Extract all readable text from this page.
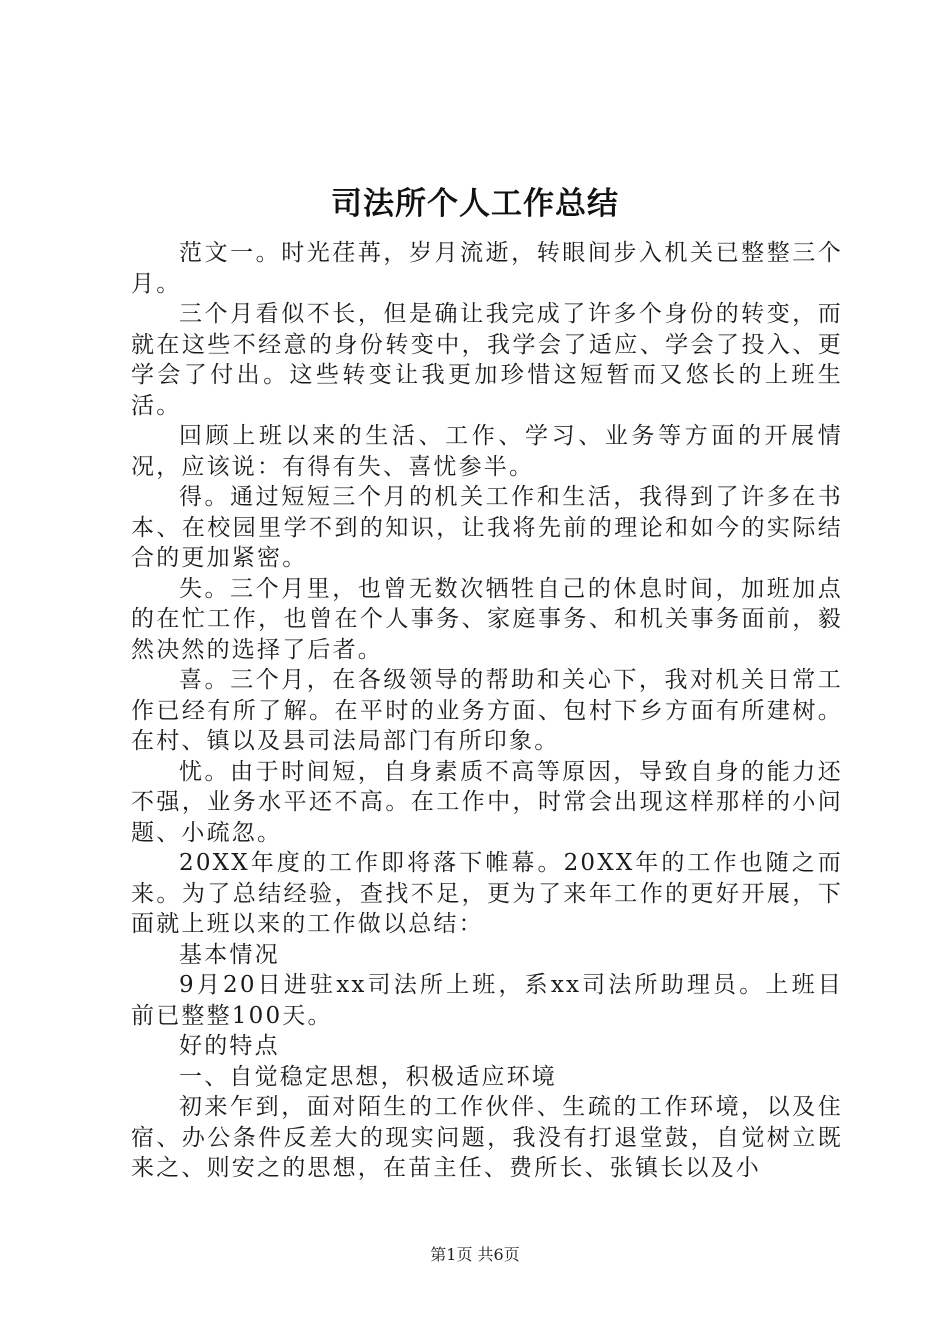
司法所个人工作总结

范文一。时光荏苒，岁月流逝，转眼间步入机关已整整三个月。

三个月看似不长，但是确让我完成了许多个身份的转变，而就在这些不经意的身份转变中，我学会了适应、学会了投入、更学会了付出。这些转变让我更加珍惜这短暂而又悠长的上班生活。

回顾上班以来的生活、工作、学习、业务等方面的开展情况，应该说：有得有失、喜忧参半。

得。通过短短三个月的机关工作和生活，我得到了许多在书本、在校园里学不到的知识，让我将先前的理论和如今的实际结合的更加紧密。

失。三个月里，也曾无数次牺牲自己的休息时间，加班加点的在忙工作，也曾在个人事务、家庭事务、和机关事务面前，毅然决然的选择了后者。

喜。三个月，在各级领导的帮助和关心下，我对机关日常工作已经有所了解。在平时的业务方面、包村下乡方面有所建树。在村、镇以及县司法局部门有所印象。

忧。由于时间短，自身素质不高等原因，导致自身的能力还不强，业务水平还不高。在工作中，时常会出现这样那样的小问题、小疏忽。

20XX年度的工作即将落下帷幕。20XX年的工作也随之而来。为了总结经验，查找不足，更为了来年工作的更好开展，下面就上班以来的工作做以总结：

基本情况

9月20日进驻xx司法所上班，系xx司法所助理员。上班目前已整整100天。

好的特点

一、自觉稳定思想，积极适应环境

初来乍到，面对陌生的工作伙伴、生疏的工作环境，以及住宿、办公条件反差大的现实问题，我没有打退堂鼓，自觉树立既来之、则安之的思想，在苗主任、费所长、张镇长以及小

第1页 共6页
